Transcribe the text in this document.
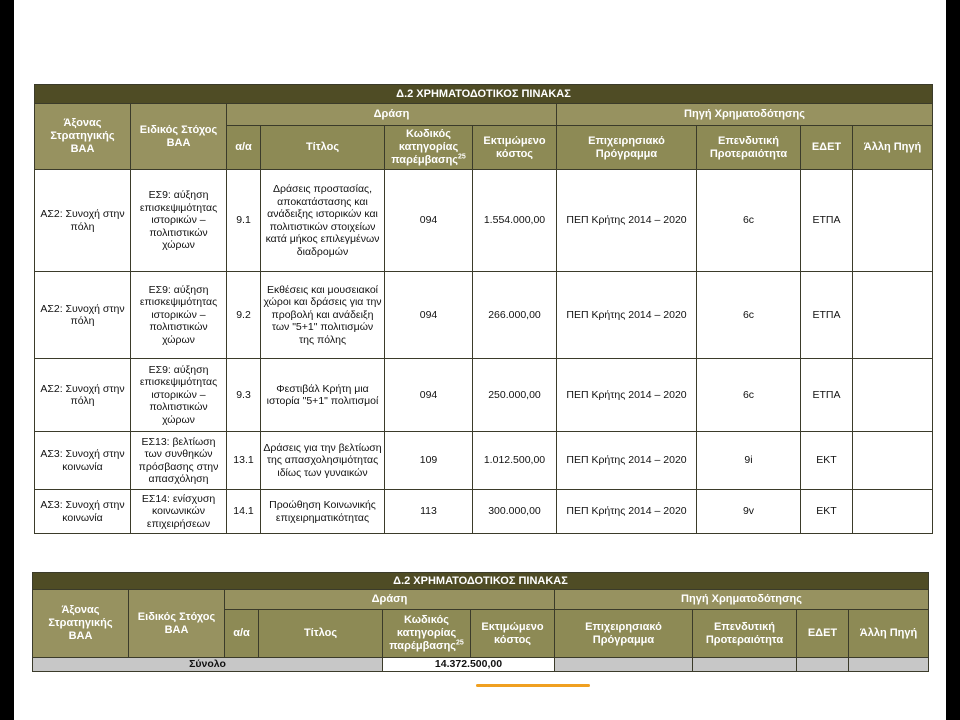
Δ.2 ΧΡΗΜΑΤΟΔΟΤΙΚΟΣ ΠΙΝΑΚΑΣ									
Άξονας Στρατηγικής ΒΑΑ	Ειδικός Στόχος ΒΑΑ	Δράση				Πηγή Χρηματοδότησης			
		α/α	Τίτλος	Κωδικός κατηγορίας παρέμβασης$^{25}$	Εκτιμώμενο κόστος	Επιχειρησιακό Πρόγραμμα	Επενδυτική Προτεραιότητα	ΕΔΕΤ	Άλλη Πηγή

ΑΣ2: Συνοχή στην πόλη	ΕΣ9: αύξηση επισκεψιμότητας ιστορικών – πολιτιστικών χώρων	9.1	Δράσεις προστασίας, αποκατάστασης και ανάδειξης ιστορικών και πολιτιστικών στοιχείων κατά μήκος επιλεγμένων διαδρομών	094	1.554.000,00	ΠΕΠ Κρήτης 2014 – 2020	6c	ΕΤΠΑ	
ΑΣ2: Συνοχή στην πόλη	ΕΣ9: αύξηση επισκεψιμότητας ιστορικών – πολιτιστικών χώρων	9.2	Εκθέσεις και μουσειακοί χώροι και δράσεις για την προβολή και ανάδειξη των "5+1" πολιτισμών της πόλης	094	266.000,00	ΠΕΠ Κρήτης 2014 – 2020	6c	ΕΤΠΑ	
ΑΣ2: Συνοχή στην πόλη	ΕΣ9: αύξηση επισκεψιμότητας ιστορικών – πολιτιστικών χώρων	9.3	Φεστιβάλ Κρήτη μια ιστορία "5+1" πολιτισμοί	094	250.000,00	ΠΕΠ Κρήτης 2014 – 2020	6c	ΕΤΠΑ	
ΑΣ3: Συνοχή στην κοινωνία	ΕΣ13: βελτίωση των συνθηκών πρόσβασης στην απασχόληση	13.1	Δράσεις για την βελτίωση της απασχολησιμότητας ιδίως των γυναικών	109	1.012.500,00	ΠΕΠ Κρήτης 2014 – 2020	9i	ΕΚΤ	
ΑΣ3: Συνοχή στην κοινωνία	ΕΣ14: ενίσχυση κοινωνικών επιχειρήσεων	14.1	Προώθηση Κοινωνικής επιχειρηματικότητας	113	300.000,00	ΠΕΠ Κρήτης 2014 – 2020	9v	ΕΚΤ	
Δ.2 ΧΡΗΜΑΤΟΔΟΤΙΚΟΣ ΠΙΝΑΚΑΣ									
Άξονας Στρατηγικής ΒΑΑ	Ειδικός Στόχος ΒΑΑ	Δράση				Πηγή Χρηματοδότησης			
		α/α	Τίτλος	Κωδικός κατηγορίας παρέμβασης$^{25}$	Εκτιμώμενο κόστος	Επιχειρησιακό Πρόγραμμα	Επενδυτική Προτεραιότητα	ΕΔΕΤ	Άλλη Πηγή
Σύνολο				14.372.500,00					
